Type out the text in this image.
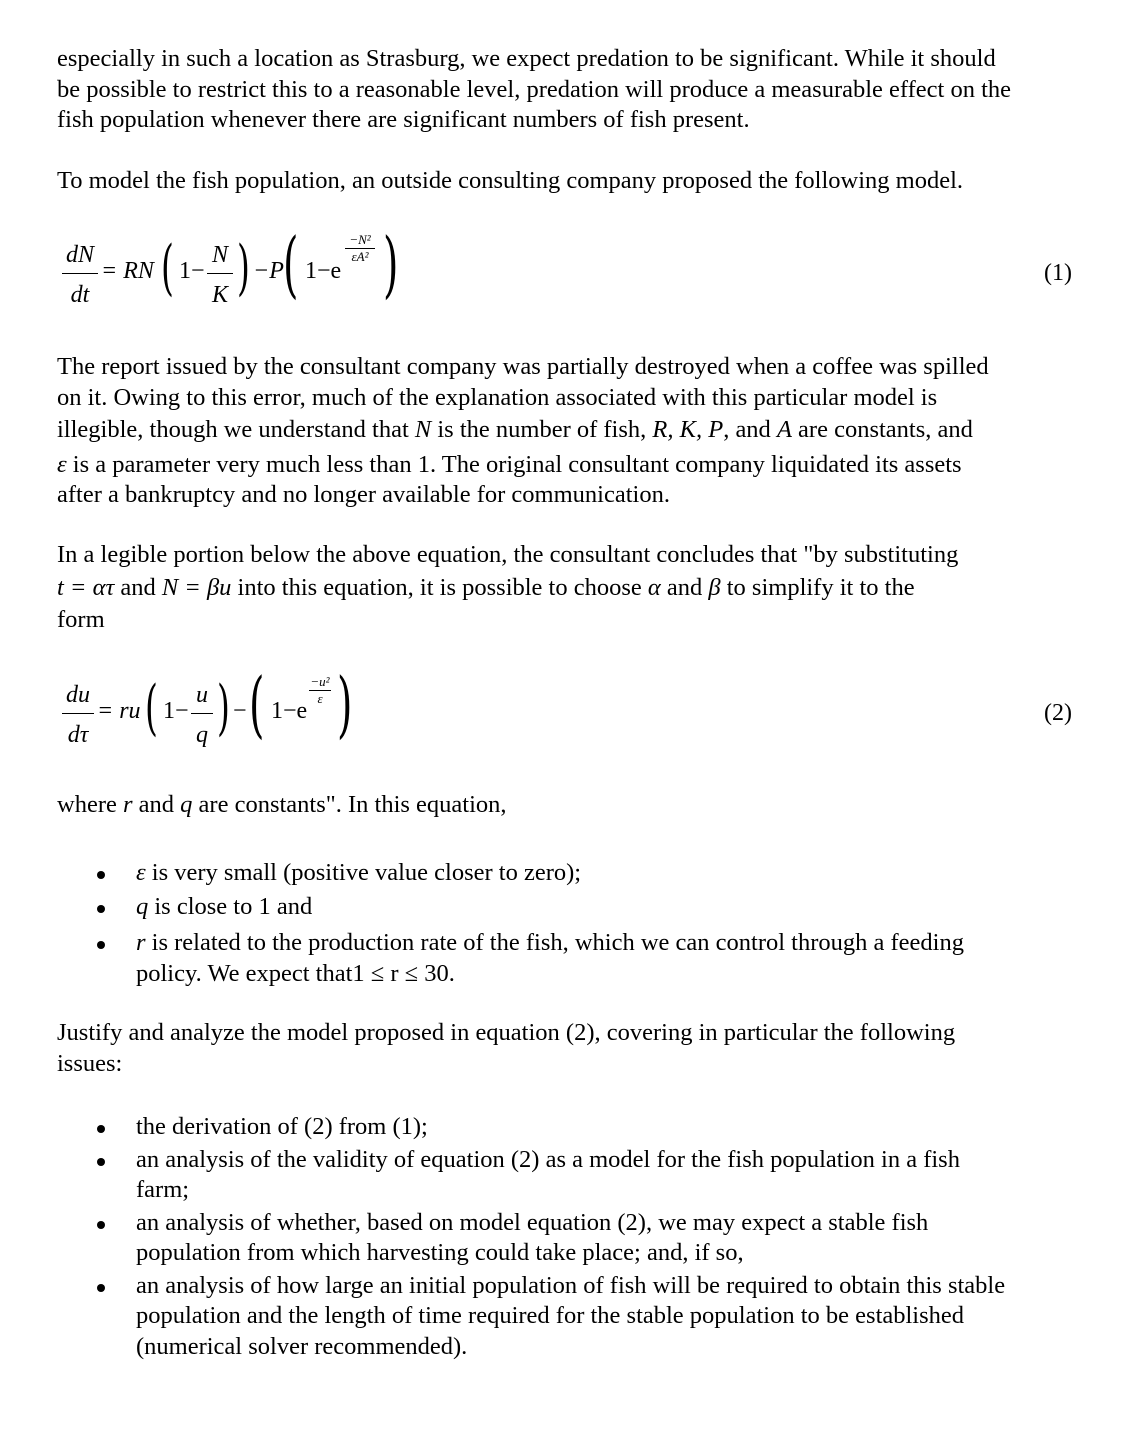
especially in such a location as Strasburg, we expect predation to be significant. While it should
be possible to restrict this to a reasonable level, predation will produce a measurable effect on the
fish population whenever there are significant numbers of fish present.
To model the fish population, an outside consulting company proposed the following model.
dN
dt
= RN ( 1−
N
K ) −P ( 1−e
−N²
εA² )	(1)
The report issued by the consultant company was partially destroyed when a coffee was spilled
on it. Owing to this error, much of the explanation associated with this particular model is
illegible, though we understand that N is the number of fish, R, K, P, and A are constants, and
ε is a parameter very much less than 1. The original consultant company liquidated its assets
after a bankruptcy and no longer available for communication.
In a legible portion below the above equation, the consultant concludes that "by substituting
t = ατ and N = βu into this equation, it is possible to choose α and β to simplify it to the
form
du
dτ
= ru ( 1−
u
q ) − ( 1−e
−u²
ε )	(2)
where r and q are constants". In this equation,
ε is very small (positive value closer to zero);
q is close to 1 and
r is related to the production rate of the fish, which we can control through a feeding
policy. We expect that1 ≤ r ≤ 30.
Justify and analyze the model proposed in equation (2), covering in particular the following
issues:
the derivation of (2) from (1);
an analysis of the validity of equation (2) as a model for the fish population in a fish
farm;
an analysis of whether, based on model equation (2), we may expect a stable fish
population from which harvesting could take place; and, if so,
an analysis of how large an initial population of fish will be required to obtain this stable
population and the length of time required for the stable population to be established
(numerical solver recommended).
